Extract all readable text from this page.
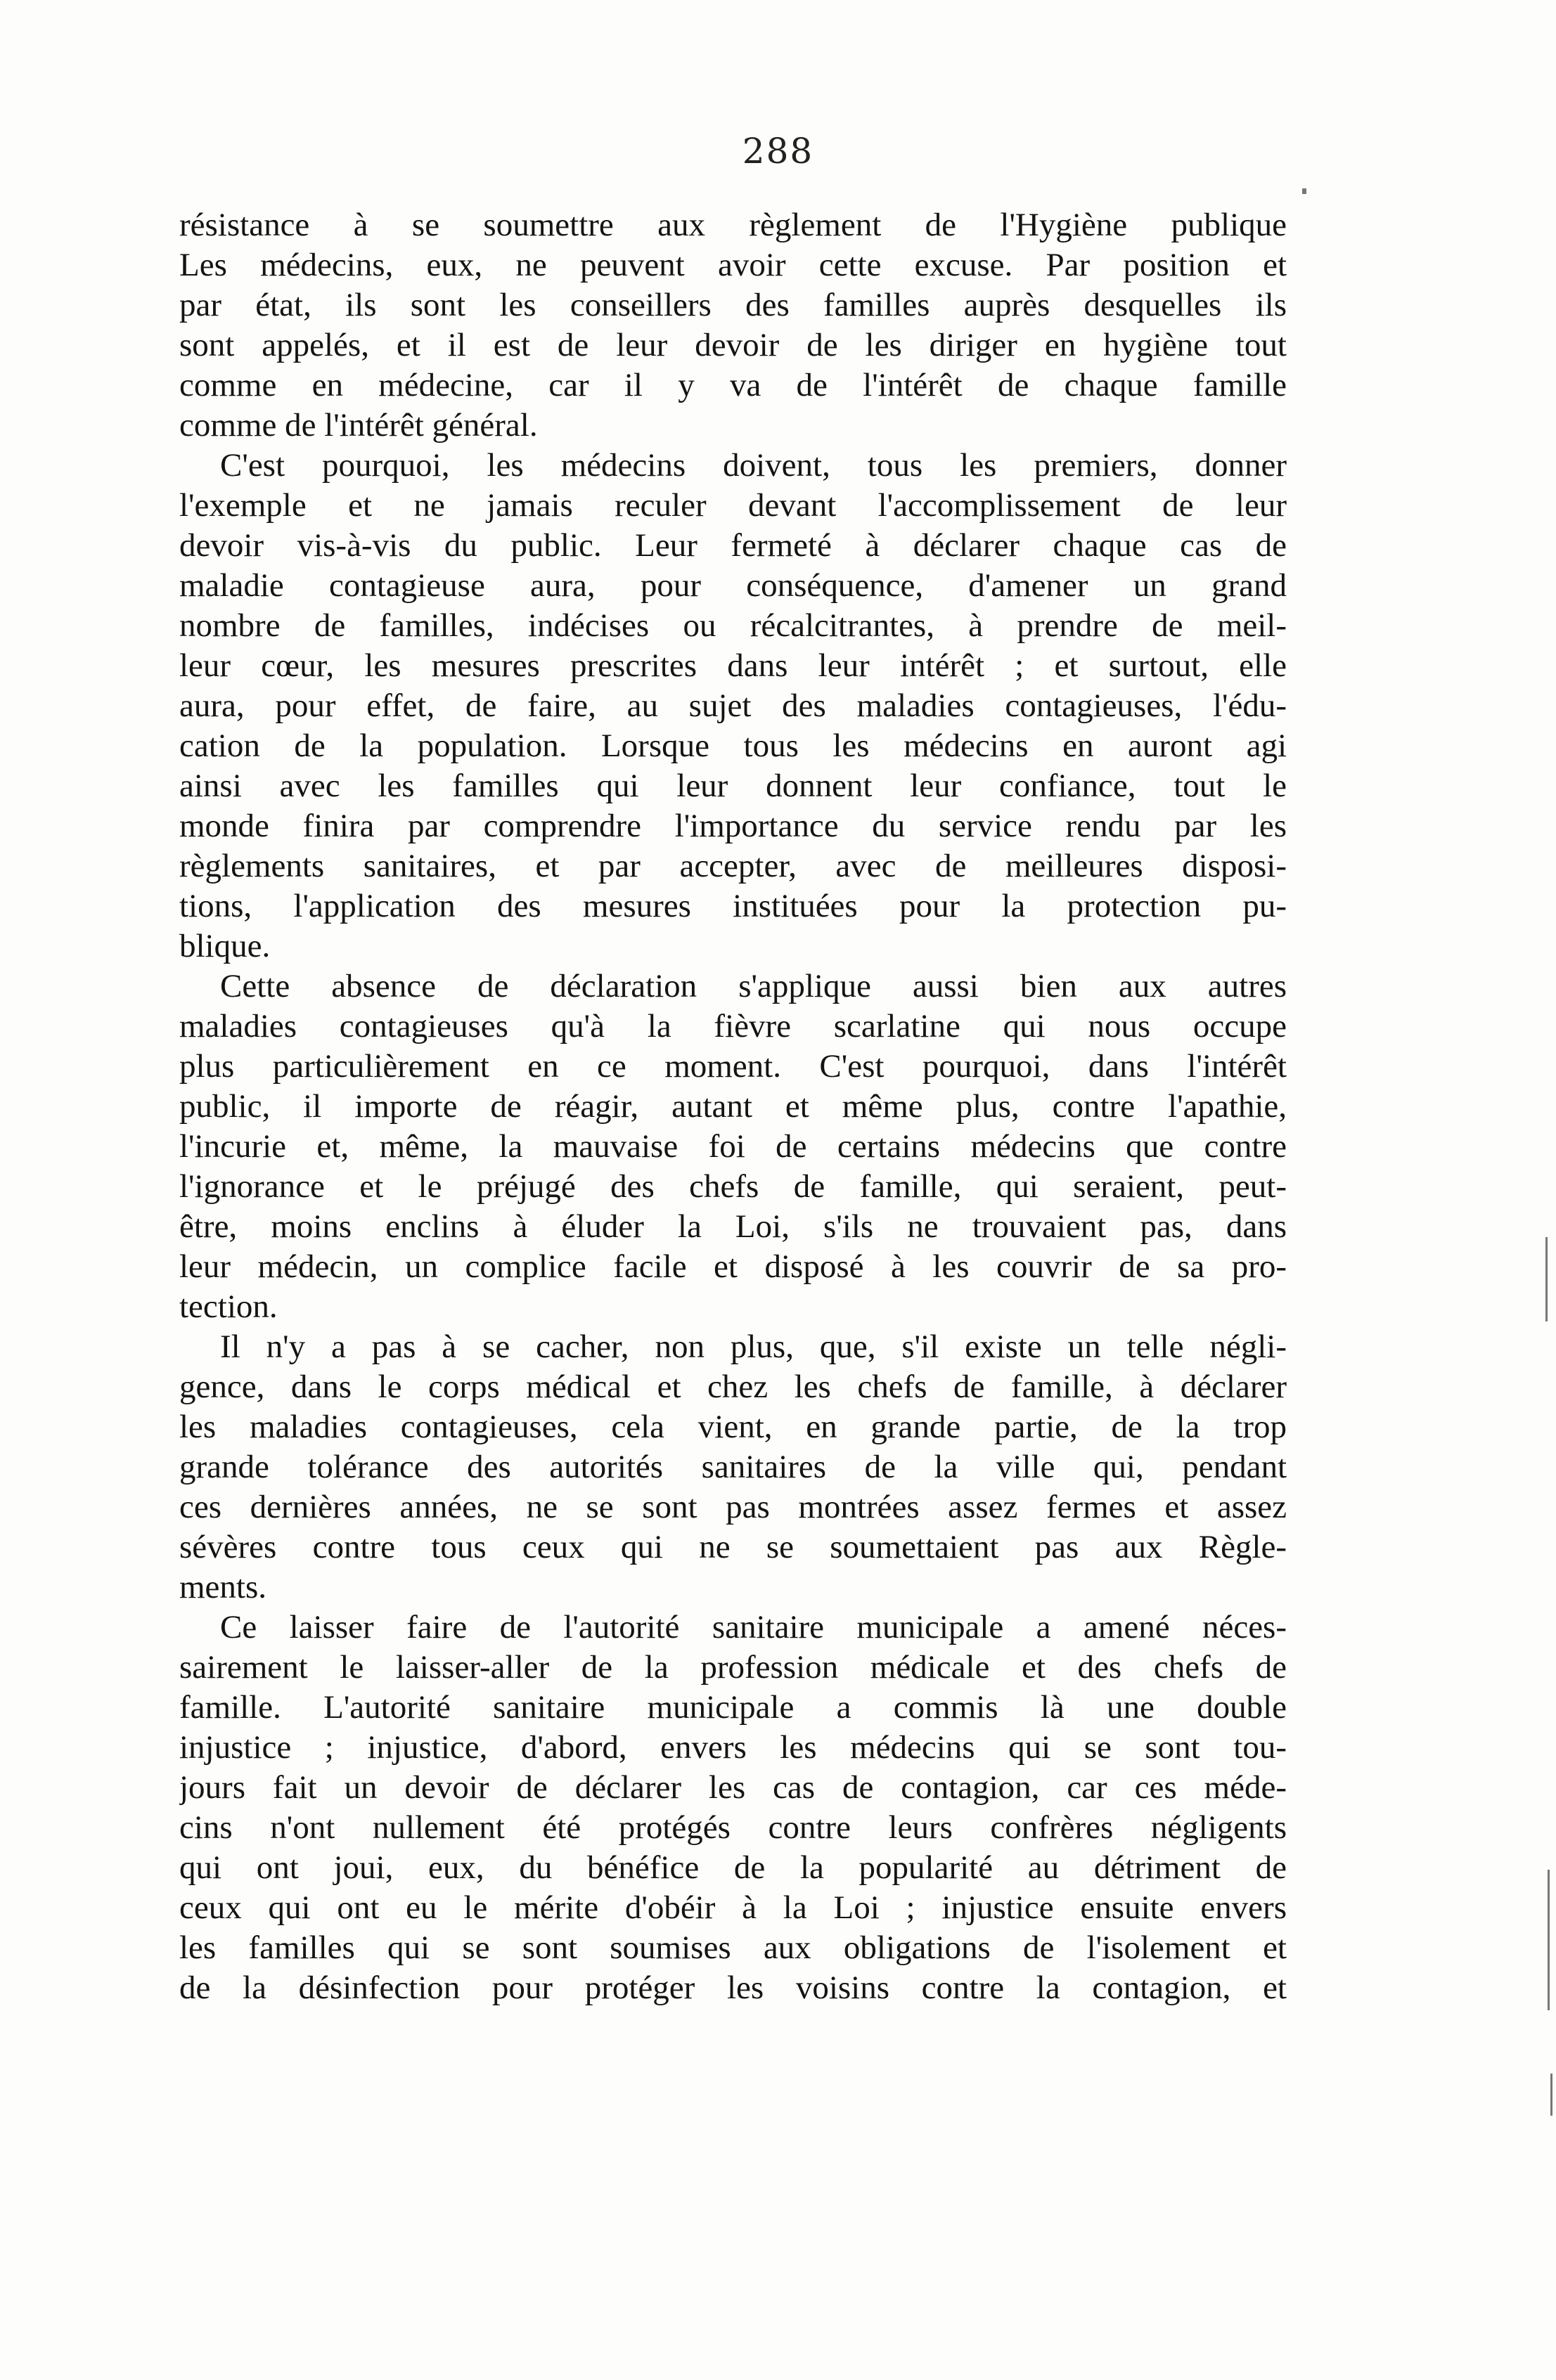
288
résistance à se soumettre aux règlement de l'Hygiène publique
Les médecins, eux, ne peuvent avoir cette excuse. Par position et
par état, ils sont les conseillers des familles auprès desquelles ils
sont appelés, et il est de leur devoir de les diriger en hygiène tout
comme en médecine, car il y va de l'intérêt de chaque famille
comme de l'intérêt général.
C'est pourquoi, les médecins doivent, tous les premiers, donner
l'exemple et ne jamais reculer devant l'accomplissement de leur
devoir vis-à-vis du public. Leur fermeté à déclarer chaque cas de
maladie contagieuse aura, pour conséquence, d'amener un grand
nombre de familles, indécises ou récalcitrantes, à prendre de meil-
leur cœur, les mesures prescrites dans leur intérêt ; et surtout, elle
aura, pour effet, de faire, au sujet des maladies contagieuses, l'édu-
cation de la population. Lorsque tous les médecins en auront agi
ainsi avec les familles qui leur donnent leur confiance, tout le
monde finira par comprendre l'importance du service rendu par les
règlements sanitaires, et par accepter, avec de meilleures disposi-
tions, l'application des mesures instituées pour la protection pu-
blique.
Cette absence de déclaration s'applique aussi bien aux autres
maladies contagieuses qu'à la fièvre scarlatine qui nous occupe
plus particulièrement en ce moment. C'est pourquoi, dans l'intérêt
public, il importe de réagir, autant et même plus, contre l'apathie,
l'incurie et, même, la mauvaise foi de certains médecins que contre
l'ignorance et le préjugé des chefs de famille, qui seraient, peut-
être, moins enclins à éluder la Loi, s'ils ne trouvaient pas, dans
leur médecin, un complice facile et disposé à les couvrir de sa pro-
tection.
Il n'y a pas à se cacher, non plus, que, s'il existe un telle négli-
gence, dans le corps médical et chez les chefs de famille, à déclarer
les maladies contagieuses, cela vient, en grande partie, de la trop
grande tolérance des autorités sanitaires de la ville qui, pendant
ces dernières années, ne se sont pas montrées assez fermes et assez
sévères contre tous ceux qui ne se soumettaient pas aux Règle-
ments.
Ce laisser faire de l'autorité sanitaire municipale a amené néces-
sairement le laisser-aller de la profession médicale et des chefs de
famille. L'autorité sanitaire municipale a commis là une double
injustice ; injustice, d'abord, envers les médecins qui se sont tou-
jours fait un devoir de déclarer les cas de contagion, car ces méde-
cins n'ont nullement été protégés contre leurs confrères négligents
qui ont joui, eux, du bénéfice de la popularité au détriment de
ceux qui ont eu le mérite d'obéir à la Loi ; injustice ensuite envers
les familles qui se sont soumises aux obligations de l'isolement et
de la désinfection pour protéger les voisins contre la contagion, et
